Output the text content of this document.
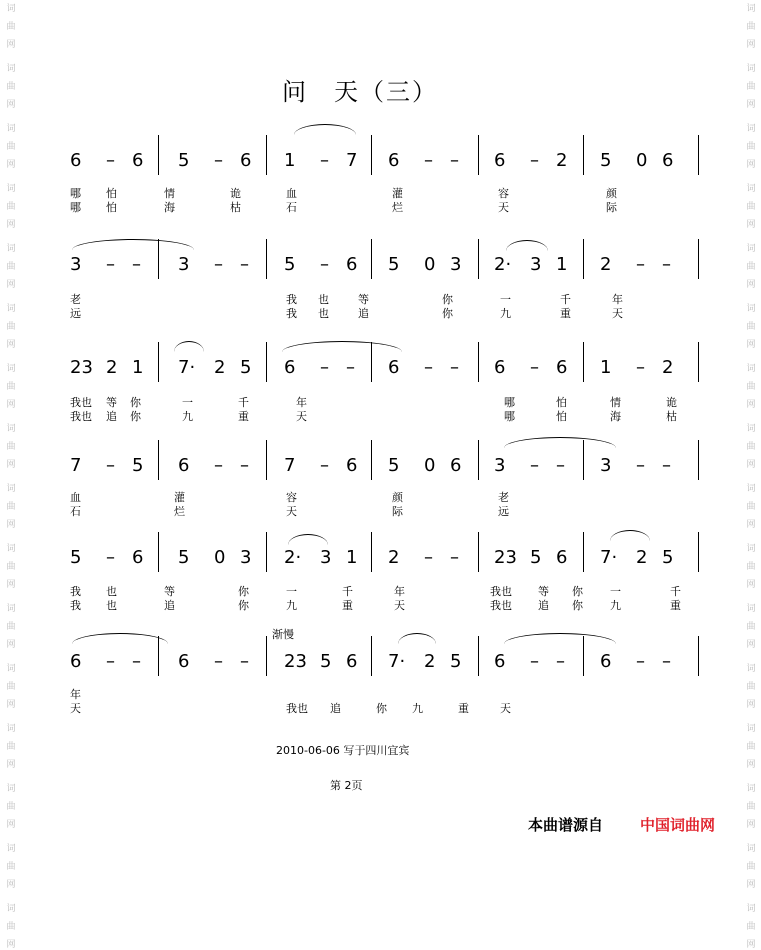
词
曲
网
词
曲
网
词
曲
网
词
曲
网
词
曲
网
词
曲
网
词
曲
网
词
曲
网
词
曲
网
词
曲
网
词
曲
网
词
曲
网
词
曲
网
词
曲
网
词
曲
网
词
曲
网
词
曲
网
词
曲
网
词
曲
网
词
曲
网
词
曲
网
词
曲
网
词
曲
网
词
曲
网
词
曲
网
词
曲
网
词
曲
网
词
曲
网
词
曲
网
词
曲
网
词
曲
网
词
曲
网
问　天（三）
6 – 6 5 – 6 1 – 7 6 – – 6 – 2 5 0 6
哪 怕	情	诡	血	灌	容	颜
哪 怕	海	枯	石	烂	天	际
3 – – 3 – – 5 – 6 5 0 3 2· 3 1 2 – –
老	我 也	等	你	一	千	年
远	我 也	追	你	九	重	天
23 2 1 7· 2 5 6 – – 6 – – 6 – 6 1 – 2
我也 等 你	一	千	年	哪	怕	情	诡
我也 追 你	九	重	天	哪	怕	海	枯
7 – 5 6 – – 7 – 6 5 0 6 3 – – 3 – –
血	灌	容	颜	老
石	烂	天	际	远
5 – 6 5 0 3 2· 3 1 2 – – 23 5 6 7· 2 5
我 也	等	你	一	千	年	我也 等 你 一	千
我 也	追	你	九	重	天	我也 追 你 九	重
6 – – 6 – – 23 5 6 7· 2 5 6 – – 6 – –
年
天	我也 追	你 九	重	天
渐慢
2010-06-06 写于四川宜宾
第 2页
本曲谱源自 中国词曲网
